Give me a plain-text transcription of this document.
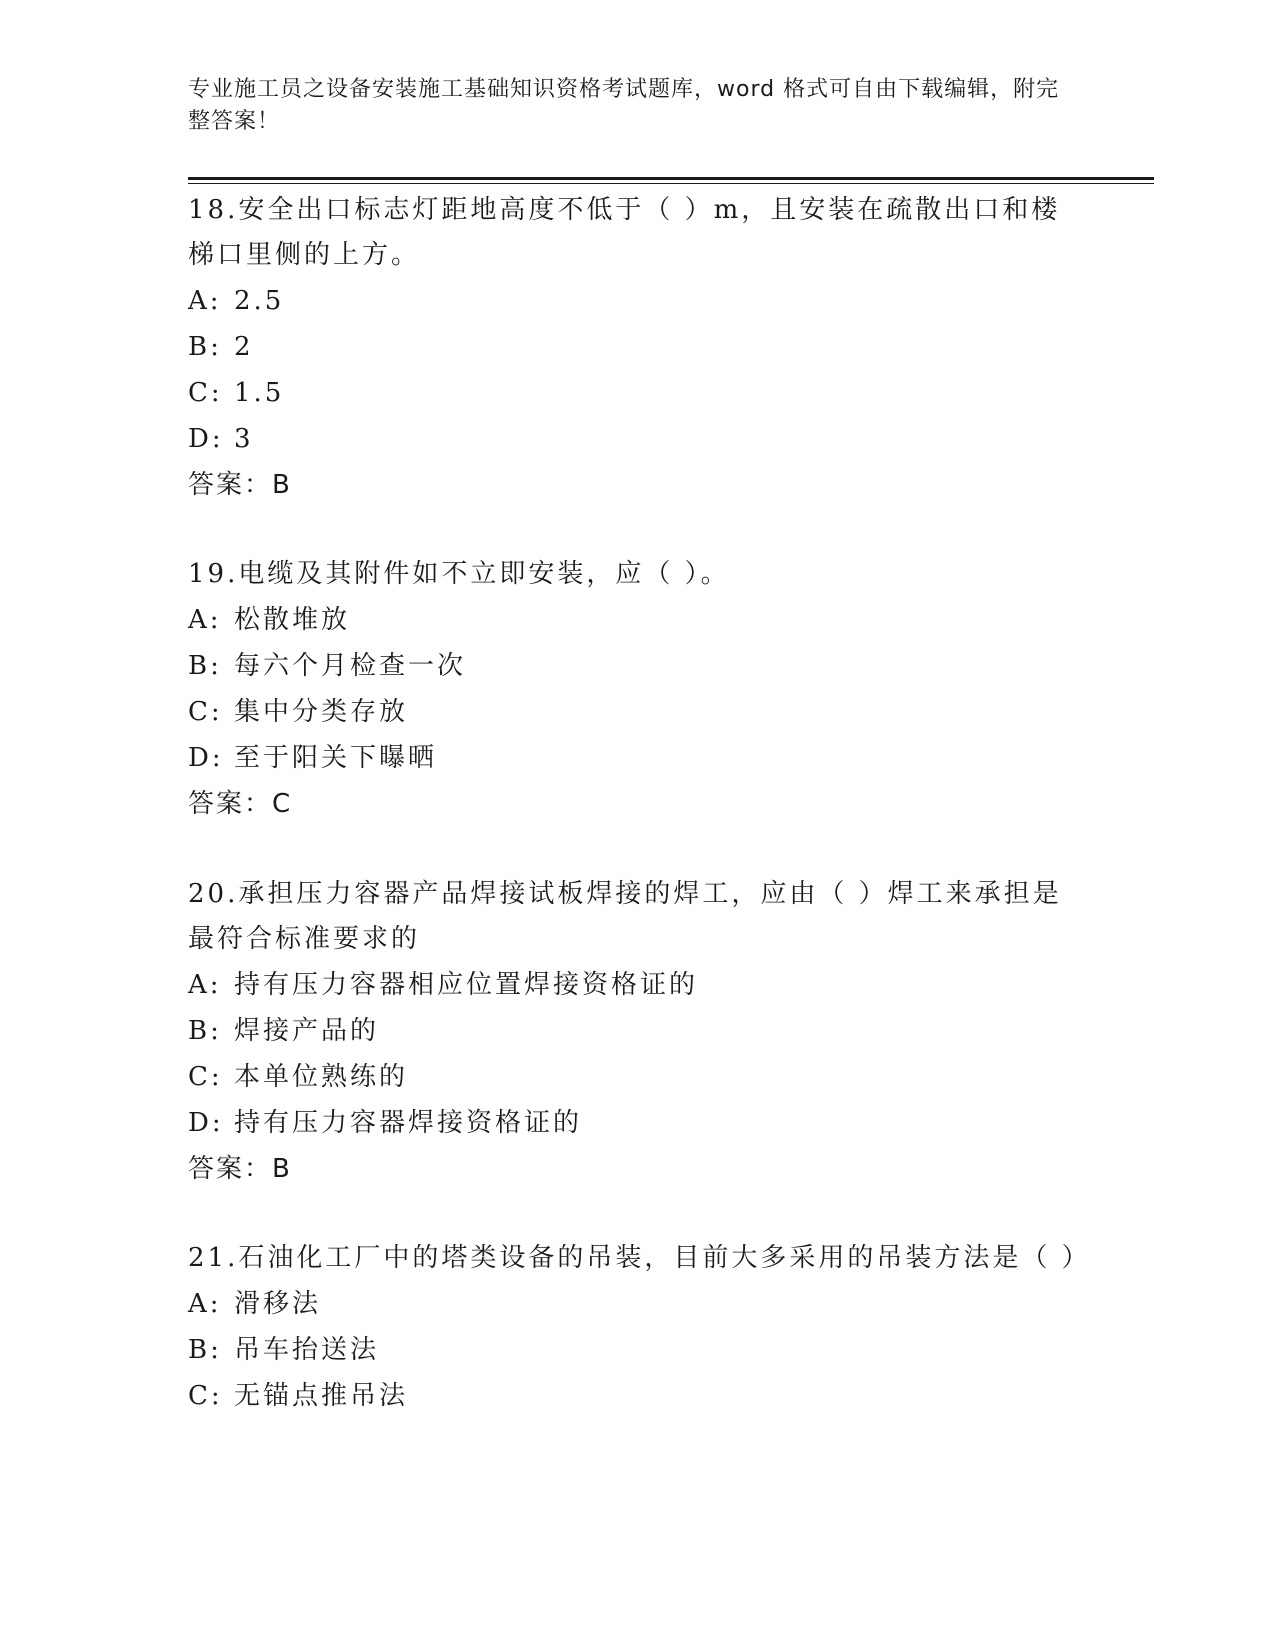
专业施工员之设备安装施工基础知识资格考试题库，word 格式可自由下载编辑，附完整答案！

18.安全出口标志灯距地高度不低于（ ）m，且安装在疏散出口和楼梯口里侧的上方。

A: 2.5

B: 2

C: 1.5

D: 3

答案：B

19.电缆及其附件如不立即安装，应（ ）。

A: 松散堆放

B: 每六个月检查一次

C: 集中分类存放

D: 至于阳关下曝晒

答案：C

20.承担压力容器产品焊接试板焊接的焊工，应由（ ）焊工来承担是最符合标准要求的

A: 持有压力容器相应位置焊接资格证的

B: 焊接产品的

C: 本单位熟练的

D: 持有压力容器焊接资格证的

答案：B

21.石油化工厂中的塔类设备的吊装，目前大多采用的吊装方法是（ ）

A: 滑移法

B: 吊车抬送法

C: 无锚点推吊法
